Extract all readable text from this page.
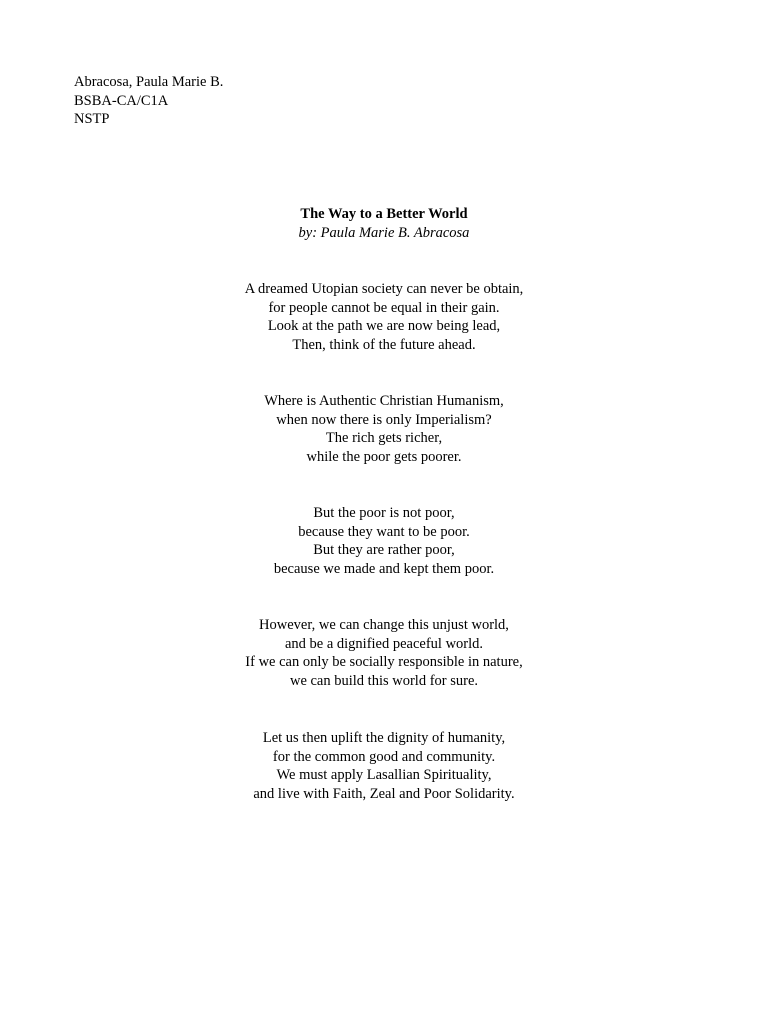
Abracosa, Paula Marie B.
BSBA-CA/C1A
NSTP
The Way to a Better World
by: Paula Marie B. Abracosa
A dreamed Utopian society can never be obtain,
for people cannot be equal in their gain.
Look at the path we are now being lead,
Then, think of the future ahead.
Where is Authentic Christian Humanism,
when now there is only Imperialism?
The rich gets richer,
while the poor gets poorer.
But the poor is not poor,
because they want to be poor.
But they are rather poor,
because we made and kept them poor.
However, we can change this unjust world,
and be a dignified peaceful world.
If we can only be socially responsible in nature,
we can build this world for sure.
Let us then uplift the dignity of humanity,
for the common good and community.
We must apply Lasallian Spirituality,
and live with Faith, Zeal and Poor Solidarity.
